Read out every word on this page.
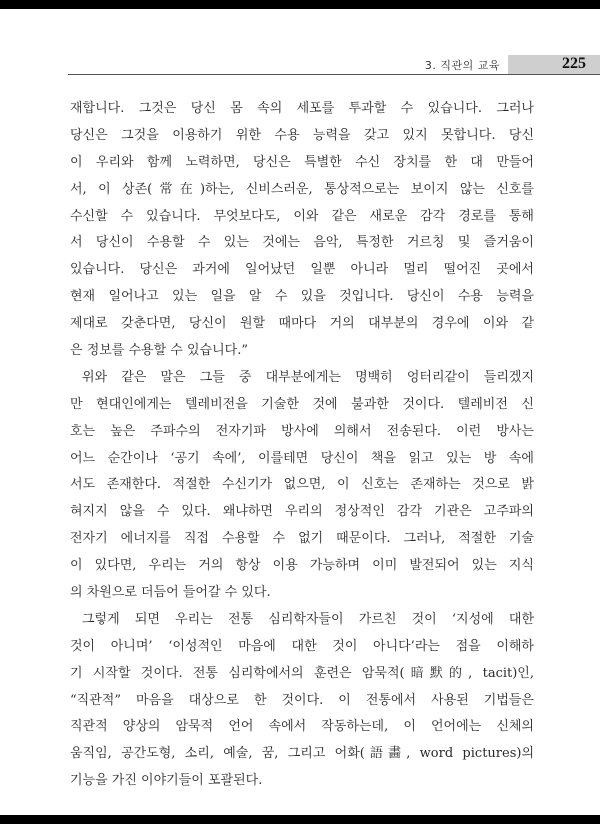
3. 직관의 교육	225
재합니다. 그것은 당신 몸 속의 세포를 투과할 수 있습니다. 그러나
당신은 그것을 이용하기 위한 수용 능력을 갖고 있지 못합니다. 당신
이 우리와 함께 노력하면, 당신은 특별한 수신 장치를 한 대 만들어
서, 이 상존(常在)하는, 신비스러운, 통상적으로는 보이지 않는 신호를
수신할 수 있습니다. 무엇보다도, 이와 같은 새로운 감각 경로를 통해
서 당신이 수용할 수 있는 것에는 음악, 특정한 거르칭 및 즐거움이
있습니다. 당신은 과거에 일어났던 일뿐 아니라 멀리 떨어진 곳에서
현재 일어나고 있는 일을 알 수 있을 것입니다. 당신이 수용 능력을
제대로 갖춘다면, 당신이 원할 때마다 거의 대부분의 경우에 이와 같
은 정보를 수용할 수 있습니다.”
위와 같은 말은 그들 중 대부분에게는 명백히 엉터리같이 들리겠지
만 현대인에게는 텔레비전을 기술한 것에 불과한 것이다. 텔레비전 신
호는 높은 주파수의 전자기파 방사에 의해서 전송된다. 이런 방사는
어느 순간이나 ‘공기 속에’, 이를테면 당신이 책을 읽고 있는 방 속에
서도 존재한다. 적절한 수신기가 없으면, 이 신호는 존재하는 것으로 밝
혀지지 않을 수 있다. 왜냐하면 우리의 정상적인 감각 기관은 고주파의
전자기 에너지를 직접 수용할 수 없기 때문이다. 그러나, 적절한 기술
이 있다면, 우리는 거의 항상 이용 가능하며 이미 발전되어 있는 지식
의 차원으로 더듬어 들어갈 수 있다.
그렇게 되면 우리는 전통 심리학자들이 가르친 것이 ‘지성에 대한
것이 아니며’ ‘이성적인 마음에 대한 것이 아니다’라는 점을 이해하
기 시작할 것이다. 전통 심리학에서의 훈련은 암묵적(暗默的, tacit)인,
“직관적” 마음을 대상으로 한 것이다. 이 전통에서 사용된 기법들은
직관적 양상의 암묵적 언어 속에서 작동하는데, 이 언어에는 신체의
움직임, 공간도형, 소리, 예술, 꿈, 그리고 어화(語畵, word pictures)의
기능을 가진 이야기들이 포괄된다.
